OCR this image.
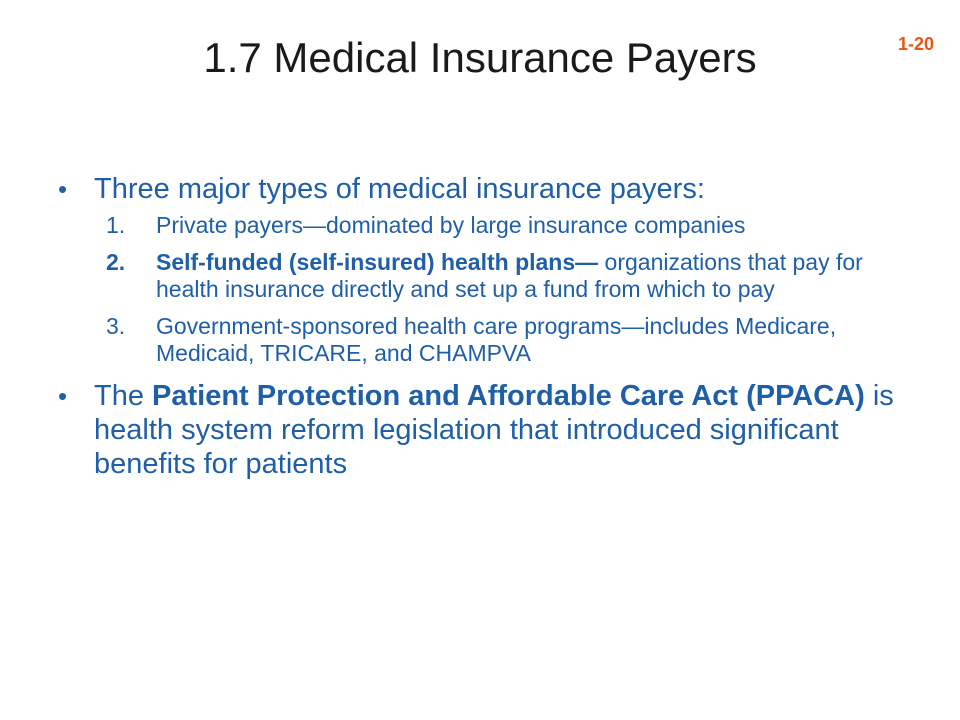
1-20
1.7 Medical Insurance Payers
• Three major types of medical insurance payers:
1. Private payers—dominated by large insurance companies
2. Self-funded (self-insured) health plans— organizations that pay for health insurance directly and set up a fund from which to pay
3. Government-sponsored health care programs—includes Medicare, Medicaid, TRICARE, and CHAMPVA
• The Patient Protection and Affordable Care Act (PPACA) is health system reform legislation that introduced significant benefits for patients
